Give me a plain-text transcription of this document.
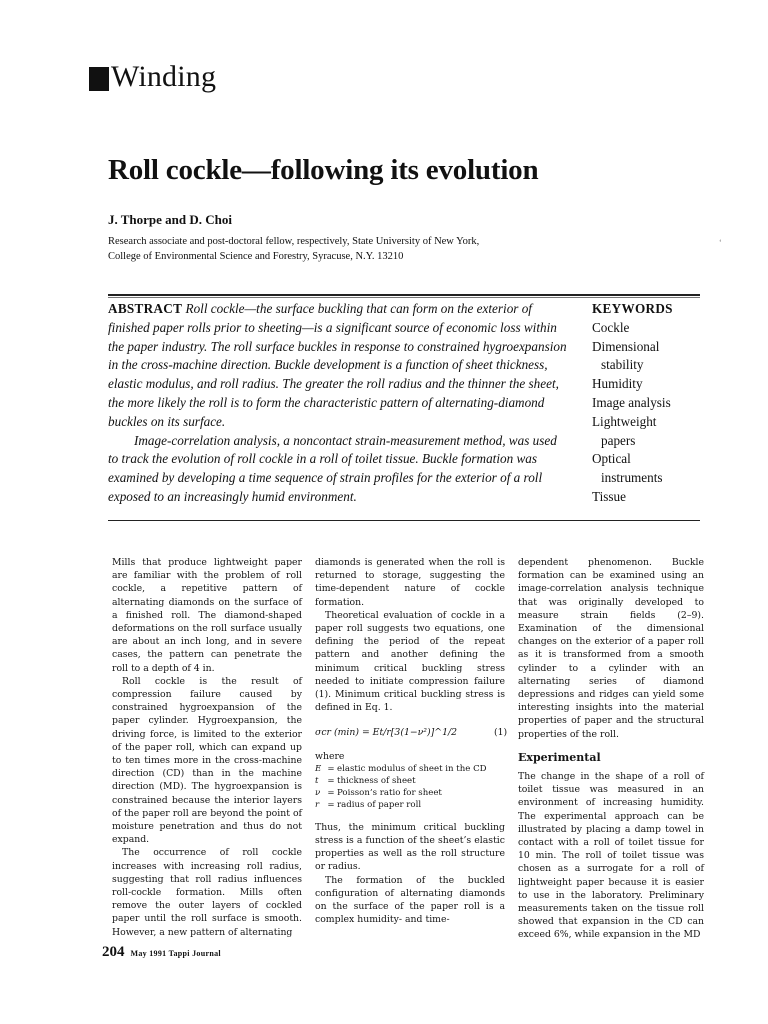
Winding
Roll cockle—following its evolution
J. Thorpe and D. Choi
Research associate and post-doctoral fellow, respectively, State University of New York,
College of Environmental Science and Forestry, Syracuse, N.Y. 13210
‘

ABSTRACT Roll cockle—the surface buckling that can form on the exterior of finished paper rolls prior to sheeting—is a significant source of economic loss within the paper industry. The roll surface buckles in response to constrained hygroexpansion in the cross-machine direction. Buckle development is a function of sheet thickness, elastic modulus, and roll radius. The greater the roll radius and the thinner the sheet, the more likely the roll is to form the characteristic pattern of alternating-diamond buckles on its surface.

Image-correlation analysis, a noncontact strain-measurement method, was used to track the evolution of roll cockle in a roll of toilet tissue. Buckle formation was examined by developing a time sequence of strain profiles for the exterior of a roll exposed to an increasingly humid environment.

KEYWORDS
Cockle
Dimensional
stability
Humidity
Image analysis
Lightweight
papers
Optical
instruments
Tissue

Mills that produce lightweight paper are familiar with the problem of roll cockle, a repetitive pattern of alternating diamonds on the surface of a finished roll. The diamond-shaped deformations on the roll surface usually are about an inch long, and in severe cases, the pattern can penetrate the roll to a depth of 4 in.

Roll cockle is the result of compression failure caused by constrained hygroexpansion of the paper cylinder. Hygroexpansion, the driving force, is limited to the exterior of the paper roll, which can expand up to ten times more in the cross-machine direction (CD) than in the machine direction (MD). The hygroexpansion is constrained because the interior layers of the paper roll are beyond the point of moisture penetration and thus do not expand.

The occurrence of roll cockle increases with increasing roll radius, suggesting that roll radius influences roll-cockle formation. Mills often remove the outer layers of cockled paper until the roll surface is smooth. However, a new pattern of alternating

diamonds is generated when the roll is returned to storage, suggesting the time-dependent nature of cockle formation.

Theoretical evaluation of cockle in a paper roll suggests two equations, one defining the period of the repeat pattern and another defining the minimum critical buckling stress needed to initiate compression failure (1). Minimum critical buckling stress is defined in Eq. 1.

σcr (min) = Et/r[3(1−ν²)]^1/2	(1)

where

E = elastic modulus of sheet in the CD
t	= thickness of sheet
ν = Poisson’s ratio for sheet
r = radius of paper roll

Thus, the minimum critical buckling stress is a function of the sheet’s elastic properties as well as the roll structure or radius.

The formation of the buckled configuration of alternating diamonds on the surface of the paper roll is a complex humidity- and time-

dependent phenomenon. Buckle formation can be examined using an image-correlation analysis technique that was originally developed to measure strain fields (2–9). Examination of the dimensional changes on the exterior of a paper roll as it is transformed from a smooth cylinder to a cylinder with an alternating series of diamond depressions and ridges can yield some interesting insights into the material properties of paper and the structural properties of the roll.

Experimental

The change in the shape of a roll of toilet tissue was measured in an environment of increasing humidity. The experimental approach can be illustrated by placing a damp towel in contact with a roll of toilet tissue for 10 min. The roll of toilet tissue was chosen as a surrogate for a roll of lightweight paper because it is easier to use in the laboratory. Preliminary measurements taken on the tissue roll showed that expansion in the CD can exceed 6%, while expansion in the MD

204 May 1991 Tappi Journal
